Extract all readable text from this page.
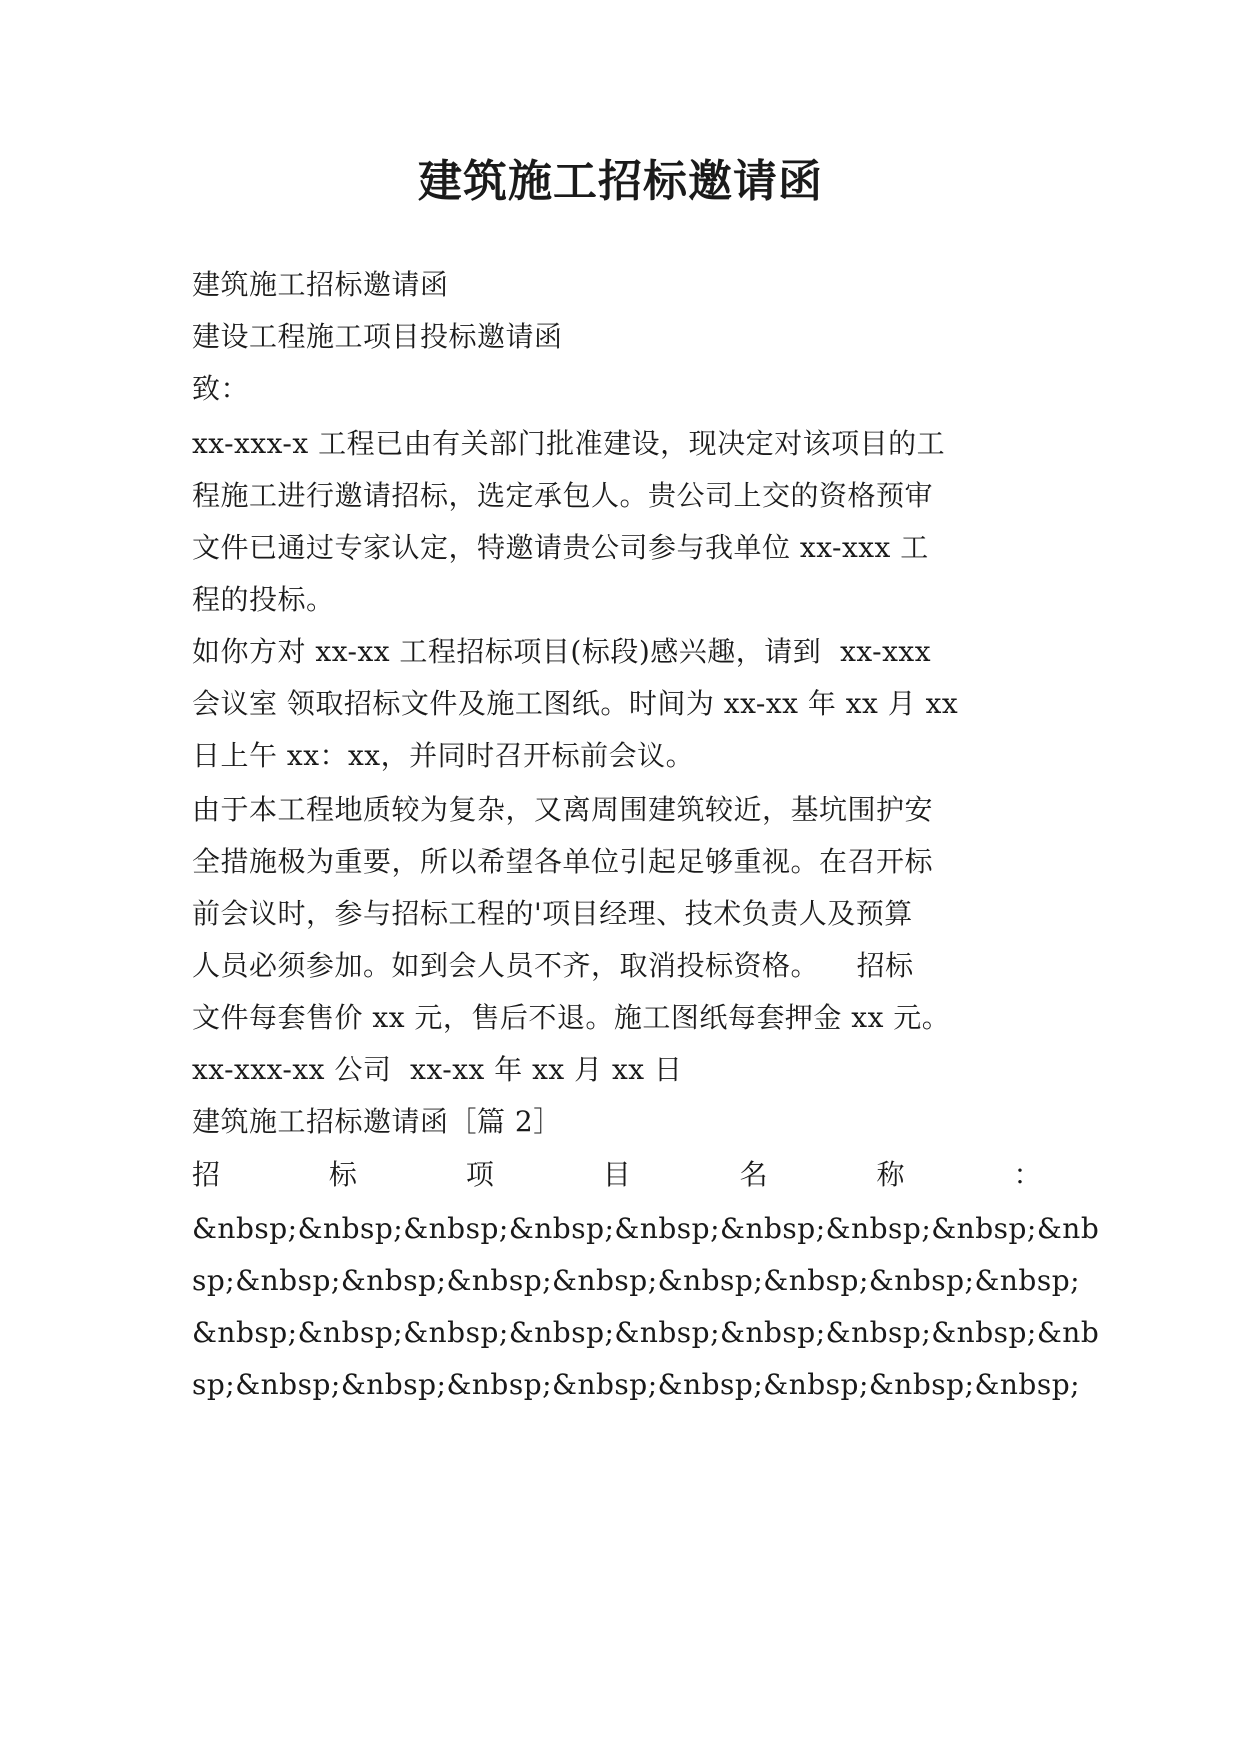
建筑施工招标邀请函
建筑施工招标邀请函
建设工程施工项目投标邀请函
致：
xx-xxx-x 工程已由有关部门批准建设，现决定对该项目的工
程施工进行邀请招标，选定承包人。贵公司上交的资格预审
文件已通过专家认定，特邀请贵公司参与我单位 xx-xxx 工
程的投标。
如你方对 xx-xx 工程招标项目(标段)感兴趣，请到  xx-xxx
会议室 领取招标文件及施工图纸。时间为 xx-xx 年 xx 月 xx
日上午 xx：xx，并同时召开标前会议。
由于本工程地质较为复杂，又离周围建筑较近，基坑围护安
全措施极为重要，所以希望各单位引起足够重视。在召开标
前会议时，参与招标工程的'项目经理、技术负责人及预算
人员必须参加。如到会人员不齐，取消投标资格。    招标
文件每套售价 xx 元，售后不退。施工图纸每套押金 xx 元。
xx-xxx-xx 公司  xx-xx 年 xx 月 xx 日
建筑施工招标邀请函［篇 2］
招	标	项	目	名	称	：
&nbsp;&nbsp;&nbsp;&nbsp;&nbsp;&nbsp;&nbsp;&nbsp;&nb
sp;&nbsp;&nbsp;&nbsp;&nbsp;&nbsp;&nbsp;&nbsp;&nbsp;
&nbsp;&nbsp;&nbsp;&nbsp;&nbsp;&nbsp;&nbsp;&nbsp;&nb
sp;&nbsp;&nbsp;&nbsp;&nbsp;&nbsp;&nbsp;&nbsp;&nbsp;
